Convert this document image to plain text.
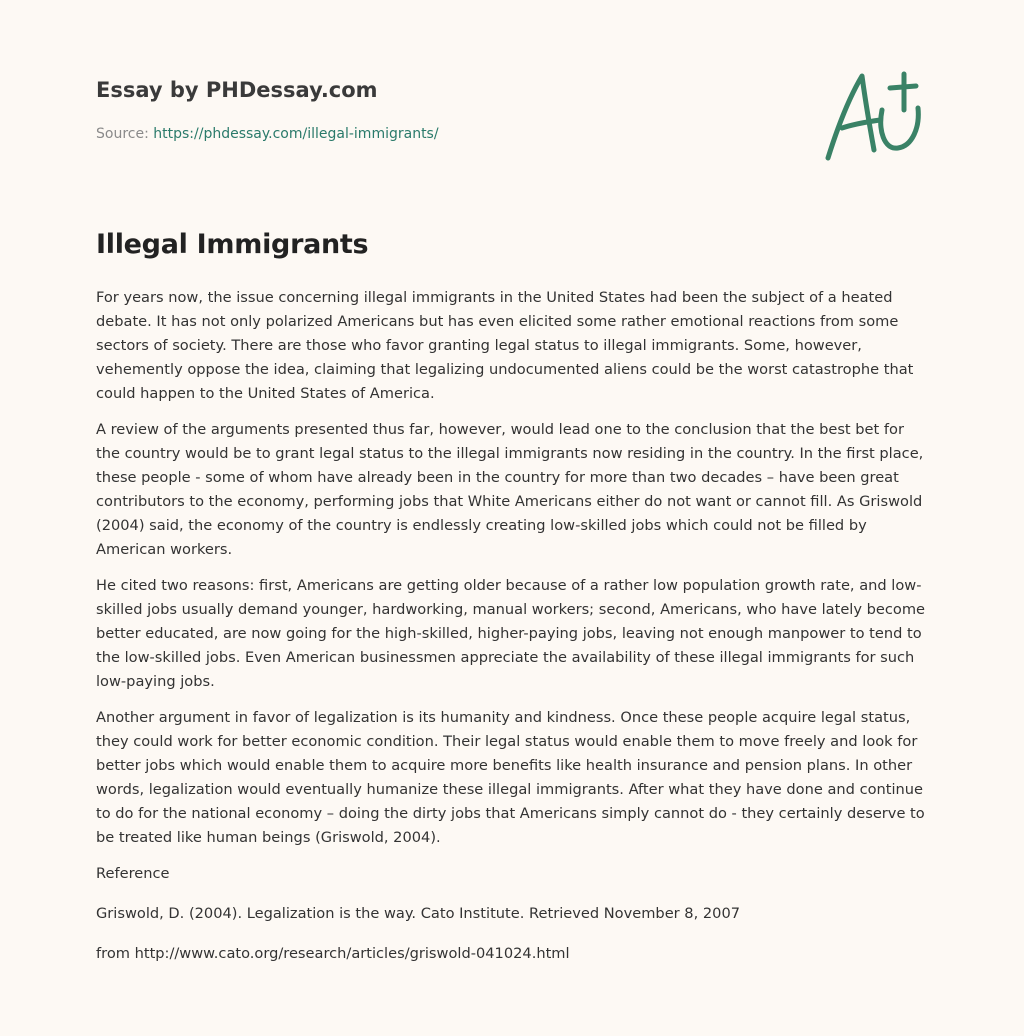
Essay by PHDessay.com
Source: https://phdessay.com/illegal-immigrants/
Illegal Immigrants

For years now, the issue concerning illegal immigrants in the United States had been the subject of a heated debate. It has not only polarized Americans but has even elicited some rather emotional reactions from some sectors of society. There are those who favor granting legal status to illegal immigrants. Some, however, vehemently oppose the idea, claiming that legalizing undocumented aliens could be the worst catastrophe that could happen to the United States of America.

A review of the arguments presented thus far, however, would lead one to the conclusion that the best bet for the country would be to grant legal status to the illegal immigrants now residing in the country. In the first place, these people - some of whom have already been in the country for more than two decades – have been great contributors to the economy, performing jobs that White Americans either do not want or cannot fill. As Griswold (2004) said, the economy of the country is endlessly creating low-skilled jobs which could not be filled by American workers.

He cited two reasons: first, Americans are getting older because of a rather low population growth rate, and low-skilled jobs usually demand younger, hardworking, manual workers; second, Americans, who have lately become better educated, are now going for the high-skilled, higher-paying jobs, leaving not enough manpower to tend to the low-skilled jobs. Even American businessmen appreciate the availability of these illegal immigrants for such low-paying jobs.

Another argument in favor of legalization is its humanity and kindness. Once these people acquire legal status, they could work for better economic condition. Their legal status would enable them to move freely and look for better jobs which would enable them to acquire more benefits like health insurance and pension plans. In other words, legalization would eventually humanize these illegal immigrants. After what they have done and continue to do for the national economy – doing the dirty jobs that Americans simply cannot do - they certainly deserve to be treated like human beings (Griswold, 2004).

Reference

Griswold, D. (2004). Legalization is the way. Cato Institute. Retrieved November 8, 2007

from http://www.cato.org/research/articles/griswold-041024.html
